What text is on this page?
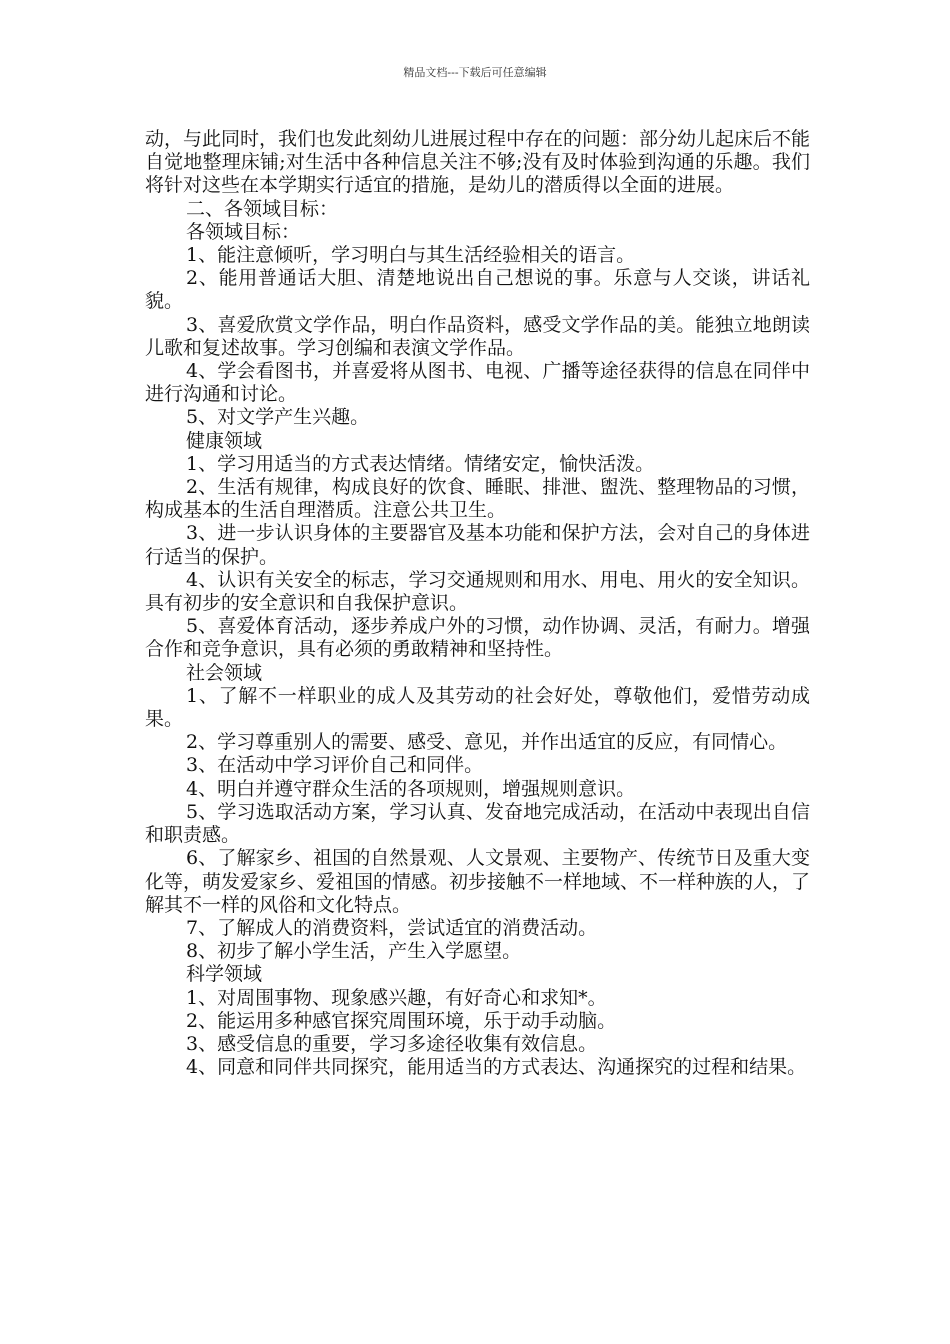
精品文档---下载后可任意编辑

动，与此同时，我们也发此刻幼儿进展过程中存在的问题：部分幼儿起床后不能自觉地整理床铺;对生活中各种信息关注不够;没有及时体验到沟通的乐趣。我们将针对这些在本学期实行适宜的措施，是幼儿的潜质得以全面的进展。

二、各领域目标：

各领域目标：

1、能注意倾听，学习明白与其生活经验相关的语言。

2、能用普通话大胆、清楚地说出自己想说的事。乐意与人交谈，讲话礼貌。

3、喜爱欣赏文学作品，明白作品资料，感受文学作品的美。能独立地朗读儿歌和复述故事。学习创编和表演文学作品。

4、学会看图书，并喜爱将从图书、电视、广播等途径获得的信息在同伴中进行沟通和讨论。

5、对文学产生兴趣。

健康领域

1、学习用适当的方式表达情绪。情绪安定，愉快活泼。

2、生活有规律，构成良好的饮食、睡眠、排泄、盥洗、整理物品的习惯，构成基本的生活自理潜质。注意公共卫生。

3、进一步认识身体的主要器官及基本功能和保护方法，会对自己的身体进行适当的保护。

4、认识有关安全的标志，学习交通规则和用水、用电、用火的安全知识。具有初步的安全意识和自我保护意识。

5、喜爱体育活动，逐步养成户外的习惯，动作协调、灵活，有耐力。增强合作和竞争意识，具有必须的勇敢精神和坚持性。

社会领域

1、了解不一样职业的成人及其劳动的社会好处，尊敬他们，爱惜劳动成果。

2、学习尊重别人的需要、感受、意见，并作出适宜的反应，有同情心。

3、在活动中学习评价自己和同伴。

4、明白并遵守群众生活的各项规则，增强规则意识。

5、学习选取活动方案，学习认真、发奋地完成活动，在活动中表现出自信和职责感。

6、了解家乡、祖国的自然景观、人文景观、主要物产、传统节日及重大变化等，萌发爱家乡、爱祖国的情感。初步接触不一样地域、不一样种族的人，了解其不一样的风俗和文化特点。

7、了解成人的消费资料，尝试适宜的消费活动。

8、初步了解小学生活，产生入学愿望。

科学领域

1、对周围事物、现象感兴趣，有好奇心和求知*。

2、能运用多种感官探究周围环境，乐于动手动脑。

3、感受信息的重要，学习多途径收集有效信息。

4、同意和同伴共同探究，能用适当的方式表达、沟通探究的过程和结果。
